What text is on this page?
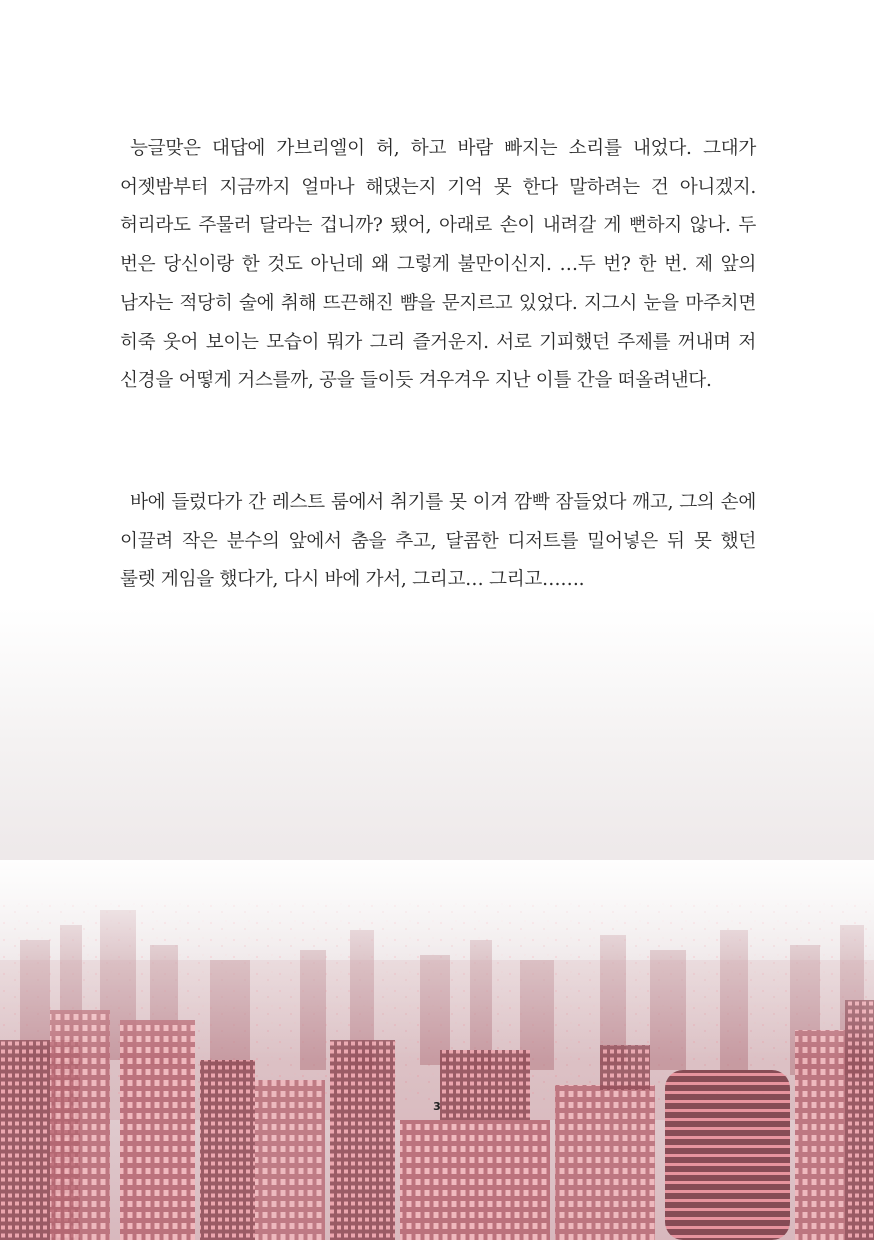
능글맞은 대답에 가브리엘이 허, 하고 바람 빠지는 소리를 내었다. 그대가 어젯밤부터 지금까지 얼마나 해댔는지 기억 못 한다 말하려는 건 아니겠지. 허리라도 주물러 달라는 겁니까? 됐어, 아래로 손이 내려갈 게 뻔하지 않나. 두 번은 당신이랑 한 것도 아닌데 왜 그렇게 불만이신지. …두 번? 한 번. 제 앞의 남자는 적당히 술에 취해 뜨끈해진 뺨을 문지르고 있었다. 지그시 눈을 마주치면 히죽 웃어 보이는 모습이 뭐가 그리 즐거운지. 서로 기피했던 주제를 꺼내며 저 신경을 어떻게 거스를까, 공을 들이듯 겨우겨우 지난 이틀 간을 떠올려낸다.

바에 들렀다가 간 레스트 룸에서 취기를 못 이겨 깜빡 잠들었다 깨고, 그의 손에 이끌려 작은 분수의 앞에서 춤을 추고, 달콤한 디저트를 밀어넣은 뒤 못 했던 룰렛 게임을 했다가, 다시 바에 가서, 그리고… 그리고…….

3
